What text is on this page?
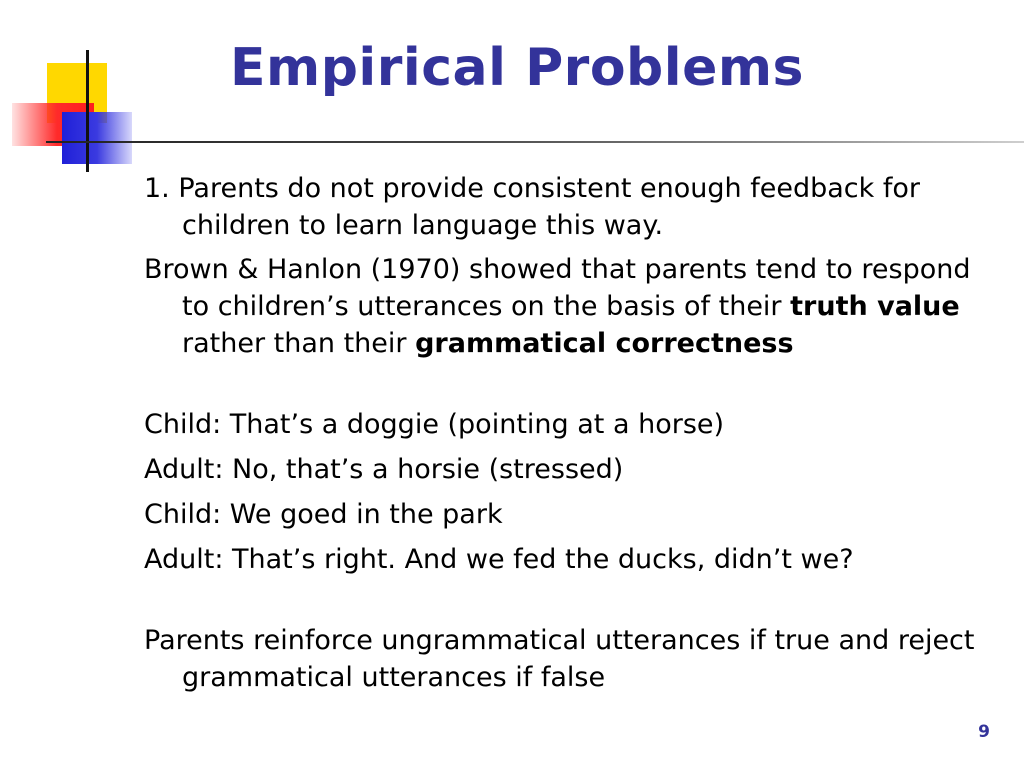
Empirical Problems

1. Parents do not provide consistent enough feedback for children to learn language this way.

Brown & Hanlon (1970) showed that parents tend to respond to children’s utterances on the basis of their truth value rather than their grammatical correctness

Child: That’s a doggie (pointing at a horse)

Adult: No, that’s a horsie (stressed)

Child: We goed in the park

Adult: That’s right. And we fed the ducks, didn’t we?

Parents reinforce ungrammatical utterances if true and reject grammatical utterances if false

9
